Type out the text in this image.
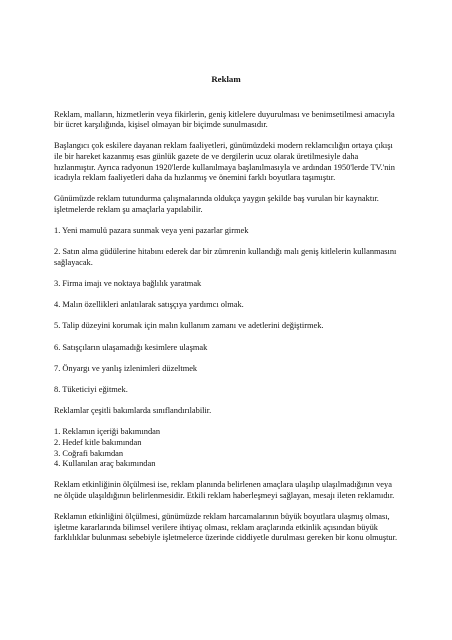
Reklam

Reklam, malların, hizmetlerin veya fikirlerin, geniş kitlelere duyurulması ve benimsetilmesi amacıyla bir ücret karşılığında, kişisel olmayan bir biçimde sunulmasıdır.

Başlangıcı çok eskilere dayanan reklam faaliyetleri, günümüzdeki modern reklamcılığın ortaya çıkışı ile bir hareket kazanmış esas günlük gazete de ve dergilerin ucuz olarak üretilmesiyle daha hızlanmıştır. Ayrıca radyonun 1920'lerde kullanılmaya başlanılmasıyla ve ardından 1950'lerde TV.'nin icadıyla reklam faaliyetleri daha da hızlanmış ve önemini farklı boyutlara taşımıştır.

Günümüzde reklam tutundurma çalışmalarında oldukça yaygın şekilde baş vurulan bir kaynaktır. işletmelerde reklam şu amaçlarla yapılabilir.

1. Yeni mamulü pazara sunmak veya yeni pazarlar girmek

2. Satın alma güdülerine hitabını ederek dar bir zümrenin kullandığı malı geniş kitlelerin kullanmasını sağlayacak.

3. Firma imajı ve noktaya bağlılık yaratmak

4. Malın özellikleri anlatılarak satışçıya yardımcı olmak.

5. Talip düzeyini korumak için malın kullanım zamanı ve adetlerini değiştirmek.

6. Satışçıların ulaşamadığı kesimlere ulaşmak

7. Önyargı ve yanlış izlenimleri düzeltmek

8. Tüketiciyi eğitmek.

Reklamlar çeşitli bakımlarda sınıflandırılabilir.

1. Reklamın içeriği bakımından
2. Hedef kitle bakımından
3. Coğrafi bakımdan
4. Kullanılan araç bakımından

Reklam etkinliğinin ölçülmesi ise, reklam planında belirlenen amaçlara ulaşılıp ulaşılmadığının veya ne ölçüde ulaşıldığının belirlenmesidir. Etkili reklam haberleşmeyi sağlayan, mesajı ileten reklamıdır.

Reklamın etkinliğini ölçülmesi, günümüzde reklam harcamalarının büyük boyutlara ulaşmış olması, işletme kararlarında bilimsel verilere ihtiyaç olması, reklam araçlarında etkinlik açısından büyük farklılıklar bulunması sebebiyle işletmelerce üzerinde ciddiyetle durulması gereken bir konu olmuştur.
